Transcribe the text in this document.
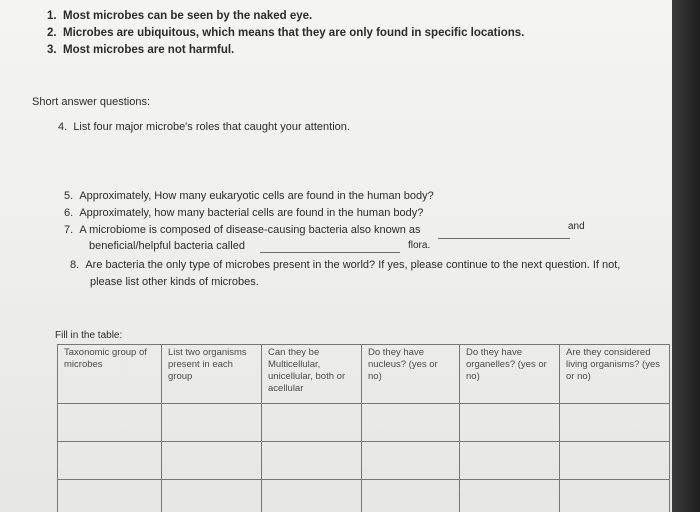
1. Most microbes can be seen by the naked eye.
2. Microbes are ubiquitous, which means that they are only found in specific locations.
3. Most microbes are not harmful.
Short answer questions:
4. List four major microbe's roles that caught your attention.
5. Approximately, How many eukaryotic cells are found in the human body?
6. Approximately, how many bacterial cells are found in the human body?
7. A microbiome is composed of disease-causing bacteria also known as	and
beneficial/helpful bacteria called	flora.
8. Are bacteria the only type of microbes present in the world? If yes, please continue to the next question. If not,
please list other kinds of microbes.
Fill in the table:
Taxonomic group of microbes	List two organisms present in each group	Can they be Multicellular, unicellular, both or acellular	Do they have nucleus? (yes or no)	Do they have organelles? (yes or no)	Are they considered living organisms? (yes or no)
